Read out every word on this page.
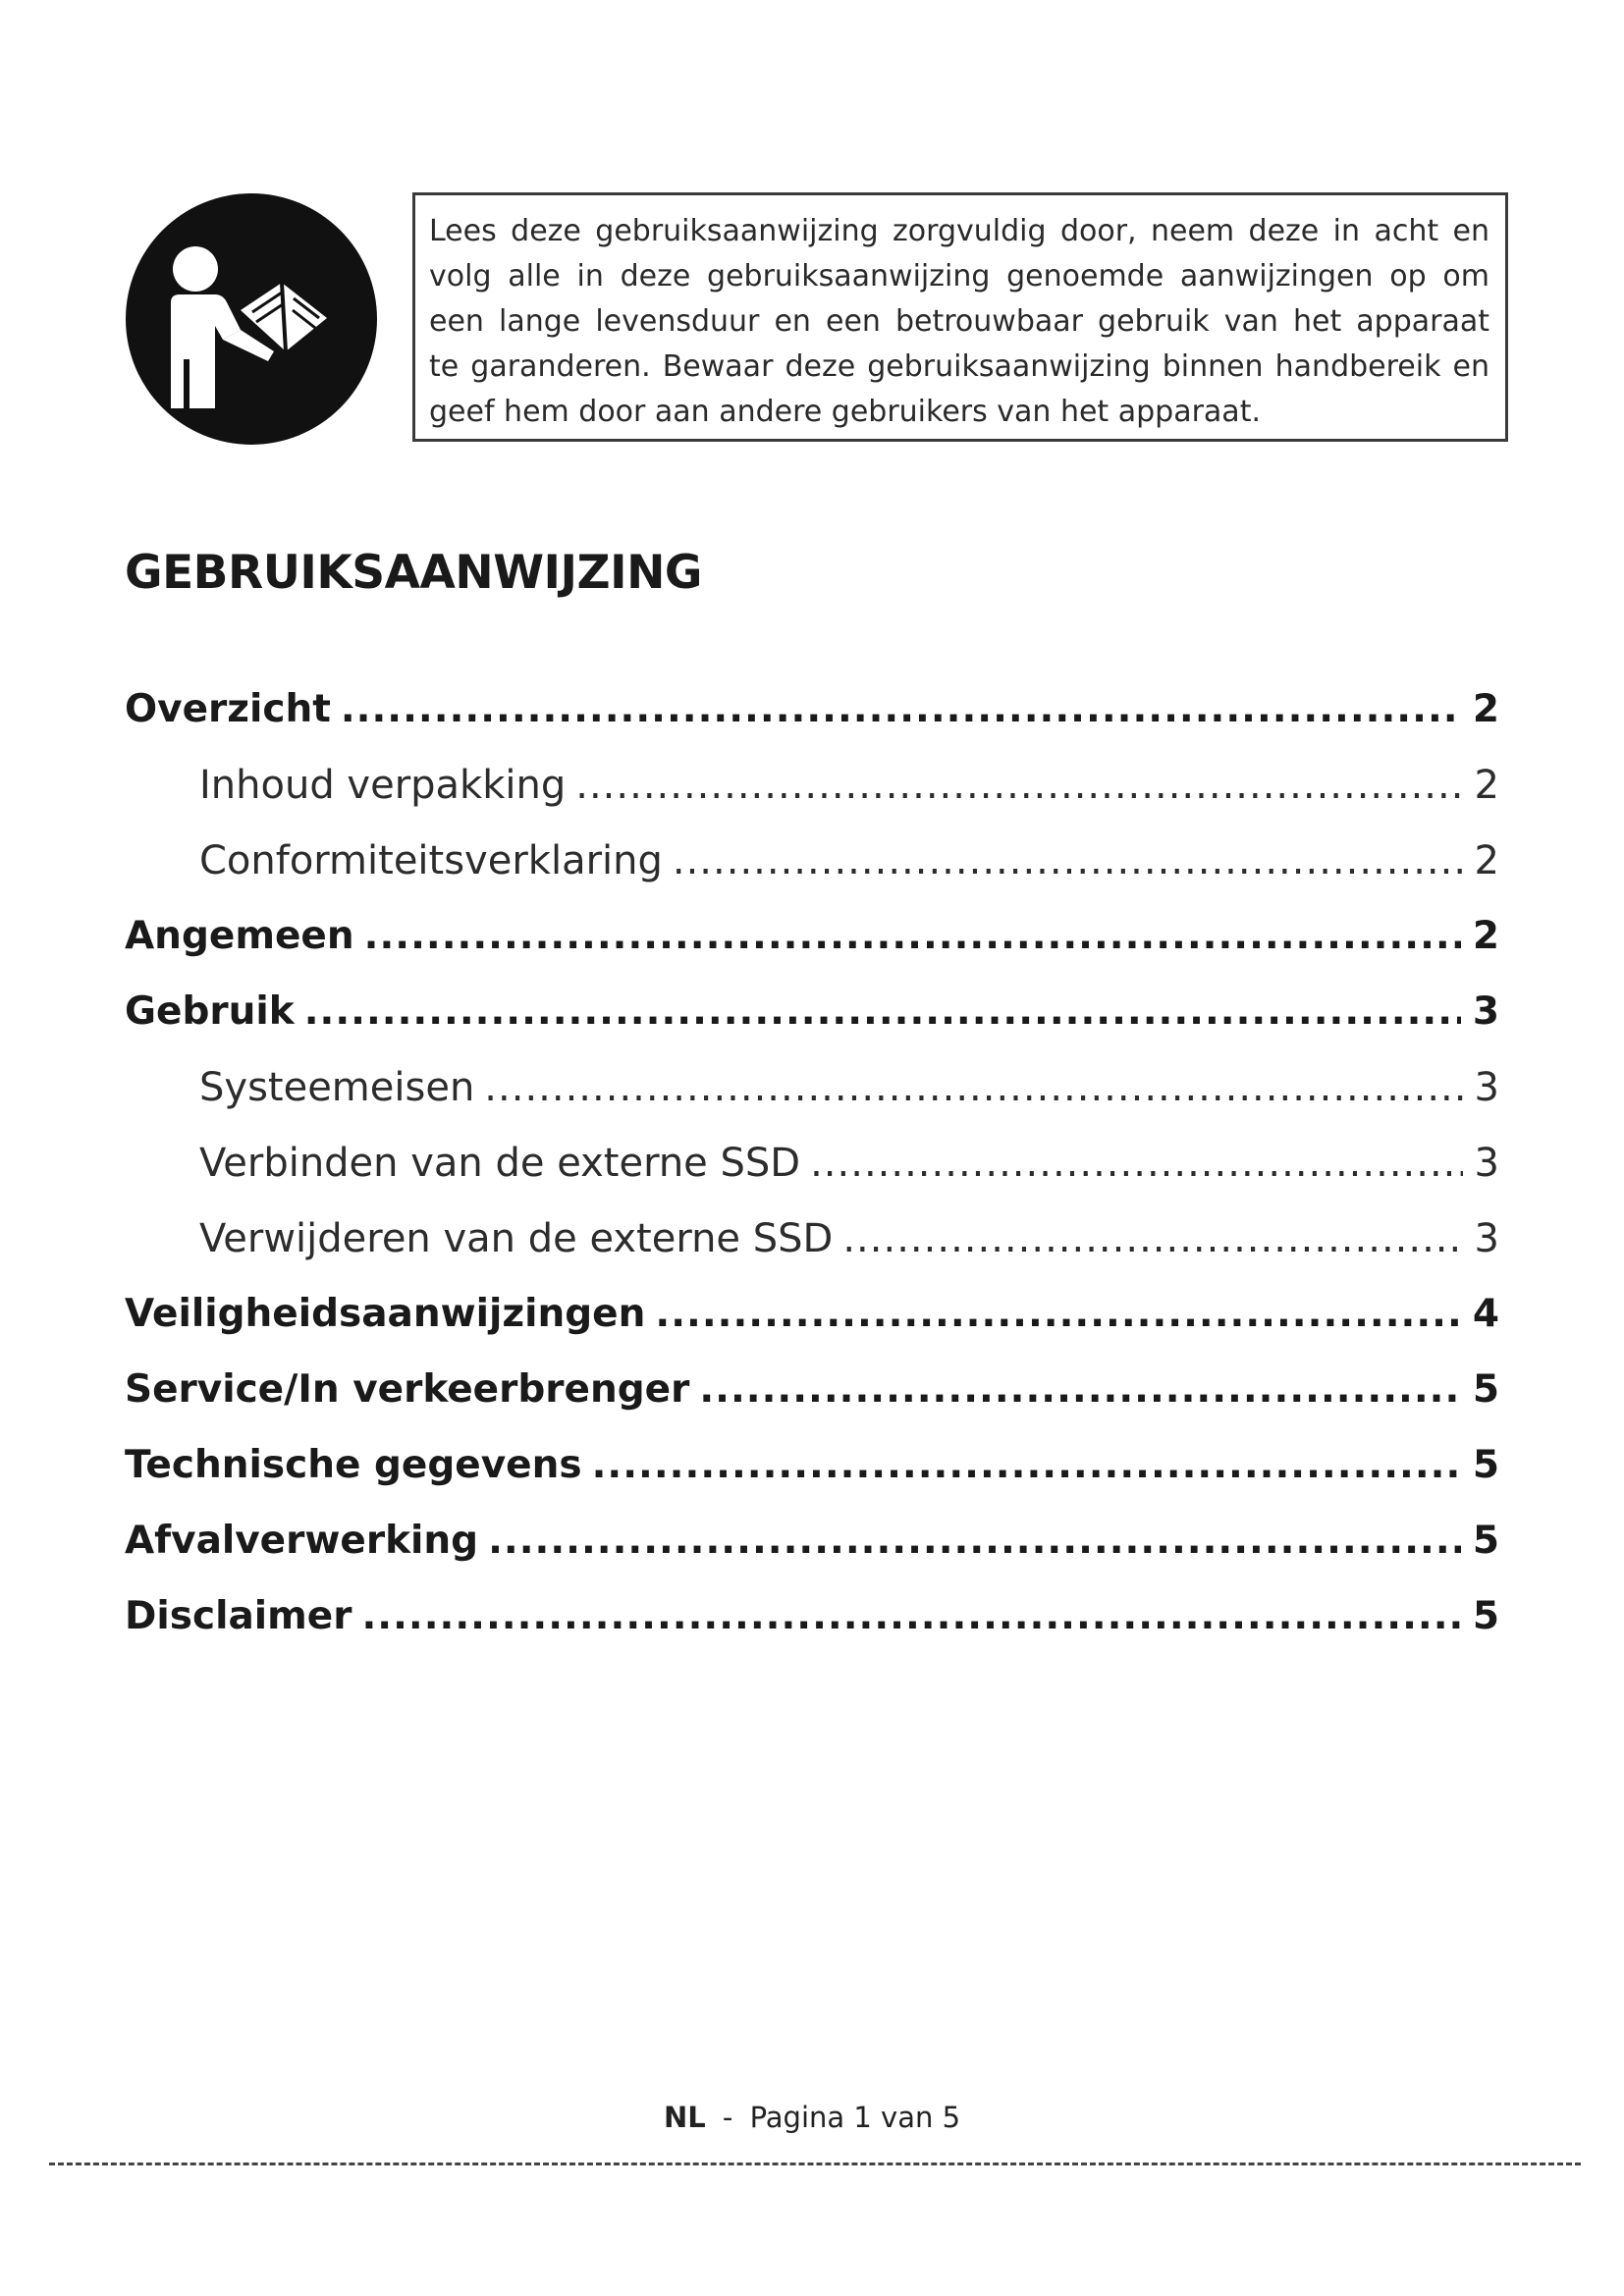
Lees deze gebruiksaanwijzing zorgvuldig door, neem deze in acht en
volg alle in deze gebruiksaanwijzing genoemde aanwijzingen op om
een lange levensduur en een betrouwbaar gebruik van het apparaat
te garanderen. Bewaar deze gebruiksaanwijzing binnen handbereik en
geef hem door aan andere gebruikers van het apparaat.
GEBRUIKSAANWIJZING
Overzicht .....	2
Inhoud verpakking .....	2
Conformiteitsverklaring .....	2
Angemeen .....	2
Gebruik .....	3
Systeemeisen .....	3
Verbinden van de externe SSD .....	3
Verwijderen van de externe SSD .....	3
Veiligheidsaanwijzingen .....	4
Service/In verkeerbrenger .....	5
Technische gegevens .....	5
Afvalverwerking .....	5
Disclaimer .....	5
NL - Pagina 1 van 5
